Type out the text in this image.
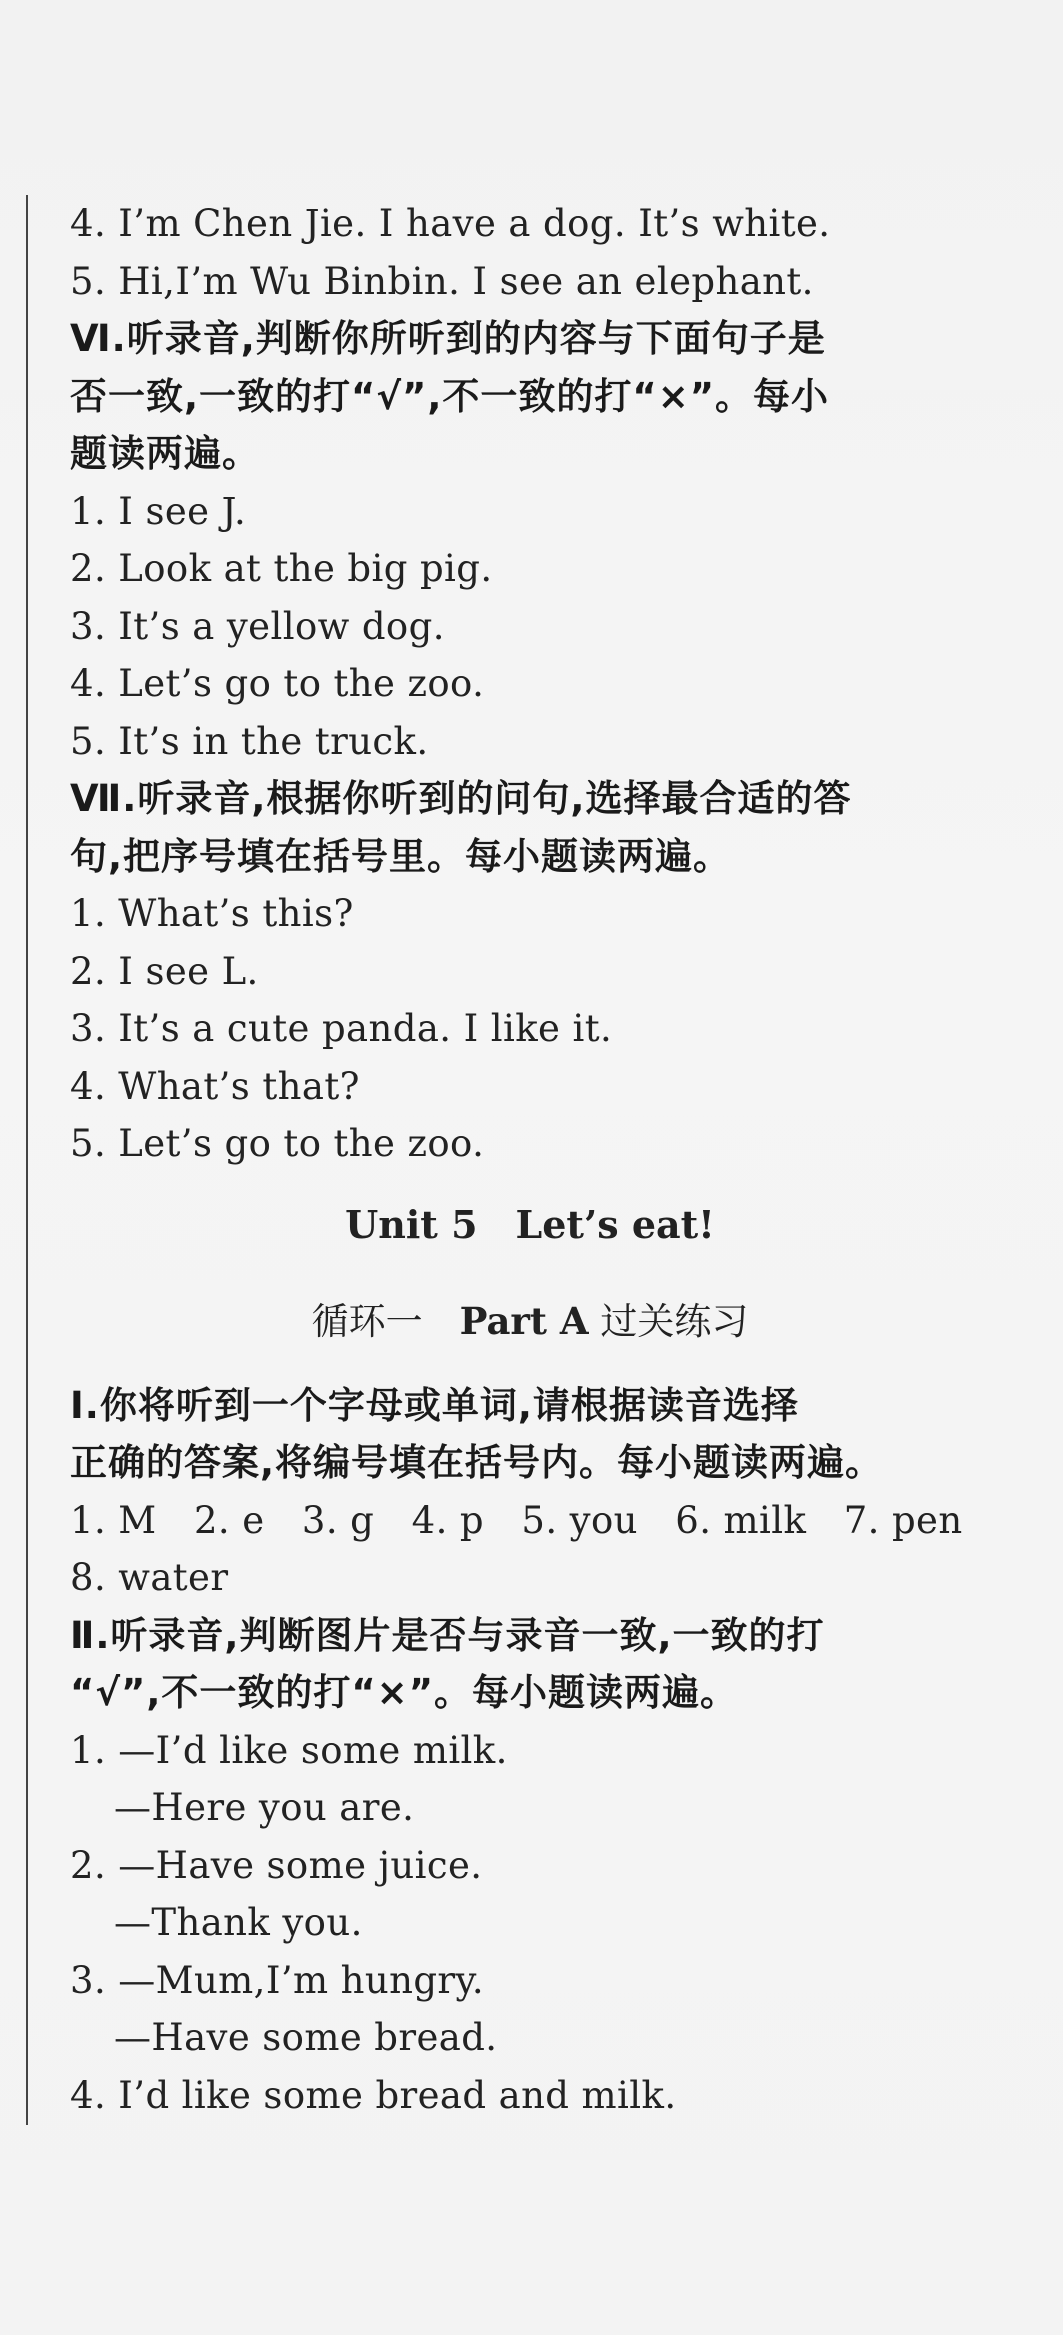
4. I’m Chen Jie. I have a dog. It’s white.
5. Hi,I’m Wu Binbin. I see an elephant.
Ⅵ.听录音,判断你所听到的内容与下面句子是
否一致,一致的打“√”,不一致的打“×”。每小
题读两遍。
1. I see J.
2. Look at the big pig.
3. It’s a yellow dog.
4. Let’s go to the zoo.
5. It’s in the truck.
Ⅶ.听录音,根据你听到的问句,选择最合适的答
句,把序号填在括号里。每小题读两遍。
1. What’s this?
2. I see L.
3. It’s a cute panda. I like it.
4. What’s that?
5. Let’s go to the zoo.
Unit 5　Let’s eat!
循环一　Part A 过关练习
Ⅰ.你将听到一个字母或单词,请根据读音选择
正确的答案,将编号填在括号内。每小题读两遍。
1. M　2. e　3. g　4. p　5. you　6. milk　7. pen
8. water
Ⅱ.听录音,判断图片是否与录音一致,一致的打
“√”,不一致的打“×”。每小题读两遍。
1. —I’d like some milk.
—Here you are.
2. —Have some juice.
—Thank you.
3. —Mum,I’m hungry.
—Have some bread.
4. I’d like some bread and milk.
